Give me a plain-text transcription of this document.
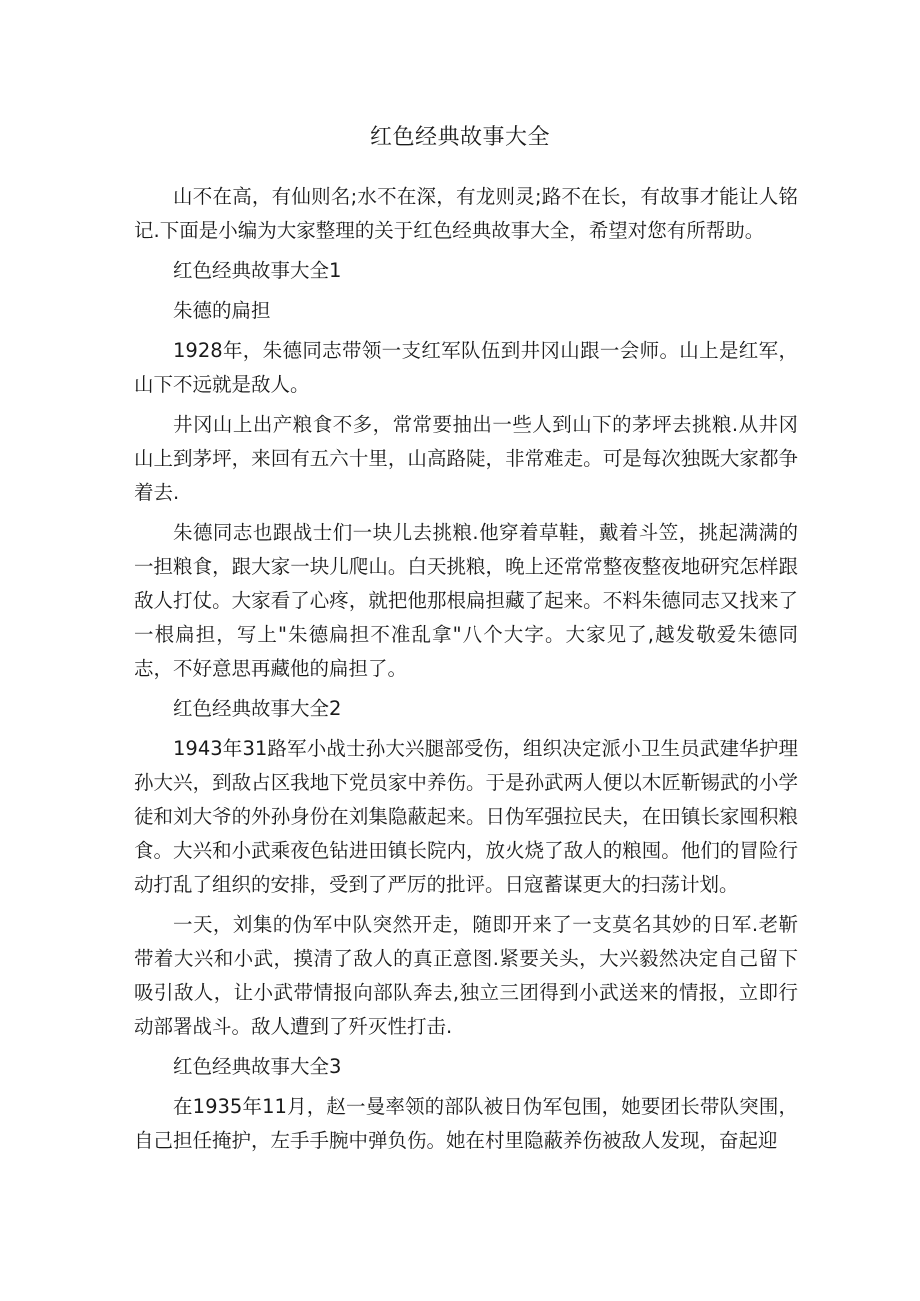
红色经典故事大全

山不在高，有仙则名;水不在深，有龙则灵;路不在长，有故事才能让人铭记.下面是小编为大家整理的关于红色经典故事大全，希望对您有所帮助。

红色经典故事大全1

朱德的扁担

1928年，朱德同志带领一支红军队伍到井冈山跟一会师。山上是红军，山下不远就是敌人。

井冈山上出产粮食不多，常常要抽出一些人到山下的茅坪去挑粮.从井冈山上到茅坪，来回有五六十里，山高路陡，非常难走。可是每次独既大家都争着去.

朱德同志也跟战士们一块儿去挑粮.他穿着草鞋，戴着斗笠，挑起满满的一担粮食，跟大家一块儿爬山。白天挑粮，晚上还常常整夜整夜地研究怎样跟敌人打仗。大家看了心疼，就把他那根扁担藏了起来。不料朱德同志又找来了一根扁担，写上"朱德扁担不准乱拿"八个大字。大家见了,越发敬爱朱德同志，不好意思再藏他的扁担了。

红色经典故事大全2

1943年31路军小战士孙大兴腿部受伤，组织决定派小卫生员武建华护理孙大兴，到敌占区我地下党员家中养伤。于是孙武两人便以木匠靳锡武的小学徒和刘大爷的外孙身份在刘集隐蔽起来。日伪军强拉民夫，在田镇长家囤积粮食。大兴和小武乘夜色钻进田镇长院内，放火烧了敌人的粮囤。他们的冒险行动打乱了组织的安排，受到了严厉的批评。日寇蓄谋更大的扫荡计划。

一天，刘集的伪军中队突然开走，随即开来了一支莫名其妙的日军.老靳带着大兴和小武，摸清了敌人的真正意图.紧要关头，大兴毅然决定自己留下吸引敌人，让小武带情报向部队奔去,独立三团得到小武送来的情报，立即行动部署战斗。敌人遭到了歼灭性打击.

红色经典故事大全3

在1935年11月，赵一曼率领的部队被日伪军包围，她要团长带队突围，自己担任掩护，左手手腕中弹负伤。她在村里隐蔽养伤被敌人发现，奋起迎
